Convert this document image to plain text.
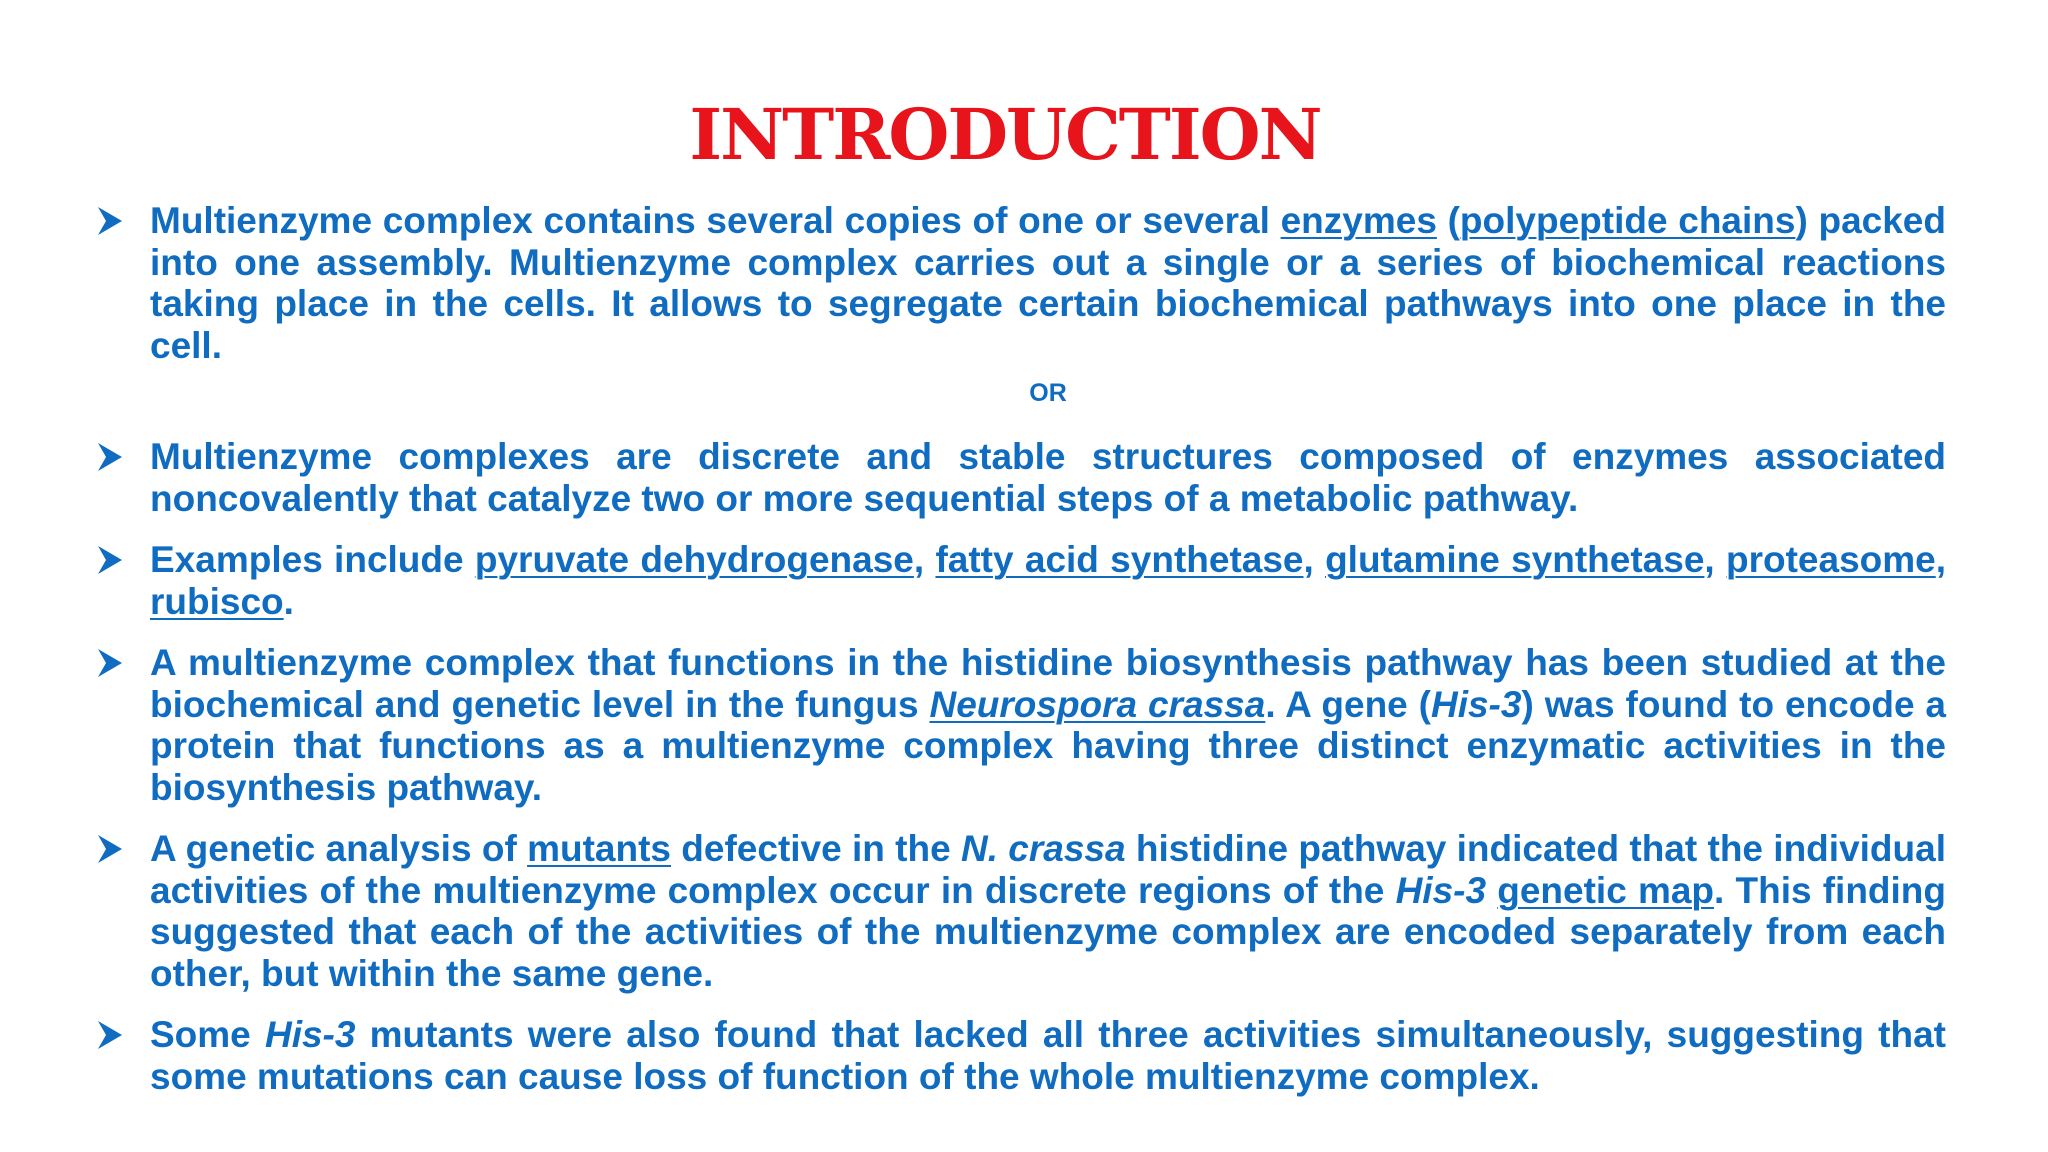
INTRODUCTION
Multienzyme complex contains several copies of one or several enzymes (polypeptide chains) packed into one assembly. Multienzyme complex carries out a single or a series of biochemical reactions taking place in the cells. It allows to segregate certain biochemical pathways into one place in the cell.
OR
Multienzyme complexes are discrete and stable structures composed of enzymes associated noncovalently that catalyze two or more sequential steps of a metabolic pathway.
Examples include pyruvate dehydrogenase, fatty acid synthetase, glutamine synthetase, proteasome, rubisco.
A multienzyme complex that functions in the histidine biosynthesis pathway has been studied at the biochemical and genetic level in the fungus Neurospora crassa. A gene (His-3) was found to encode a protein that functions as a multienzyme complex having three distinct enzymatic activities in the biosynthesis pathway.
A genetic analysis of mutants defective in the N. crassa histidine pathway indicated that the individual activities of the multienzyme complex occur in discrete regions of the His-3 genetic map. This finding suggested that each of the activities of the multienzyme complex are encoded separately from each other, but within the same gene.
Some His-3 mutants were also found that lacked all three activities simultaneously, suggesting that some mutations can cause loss of function of the whole multienzyme complex.
